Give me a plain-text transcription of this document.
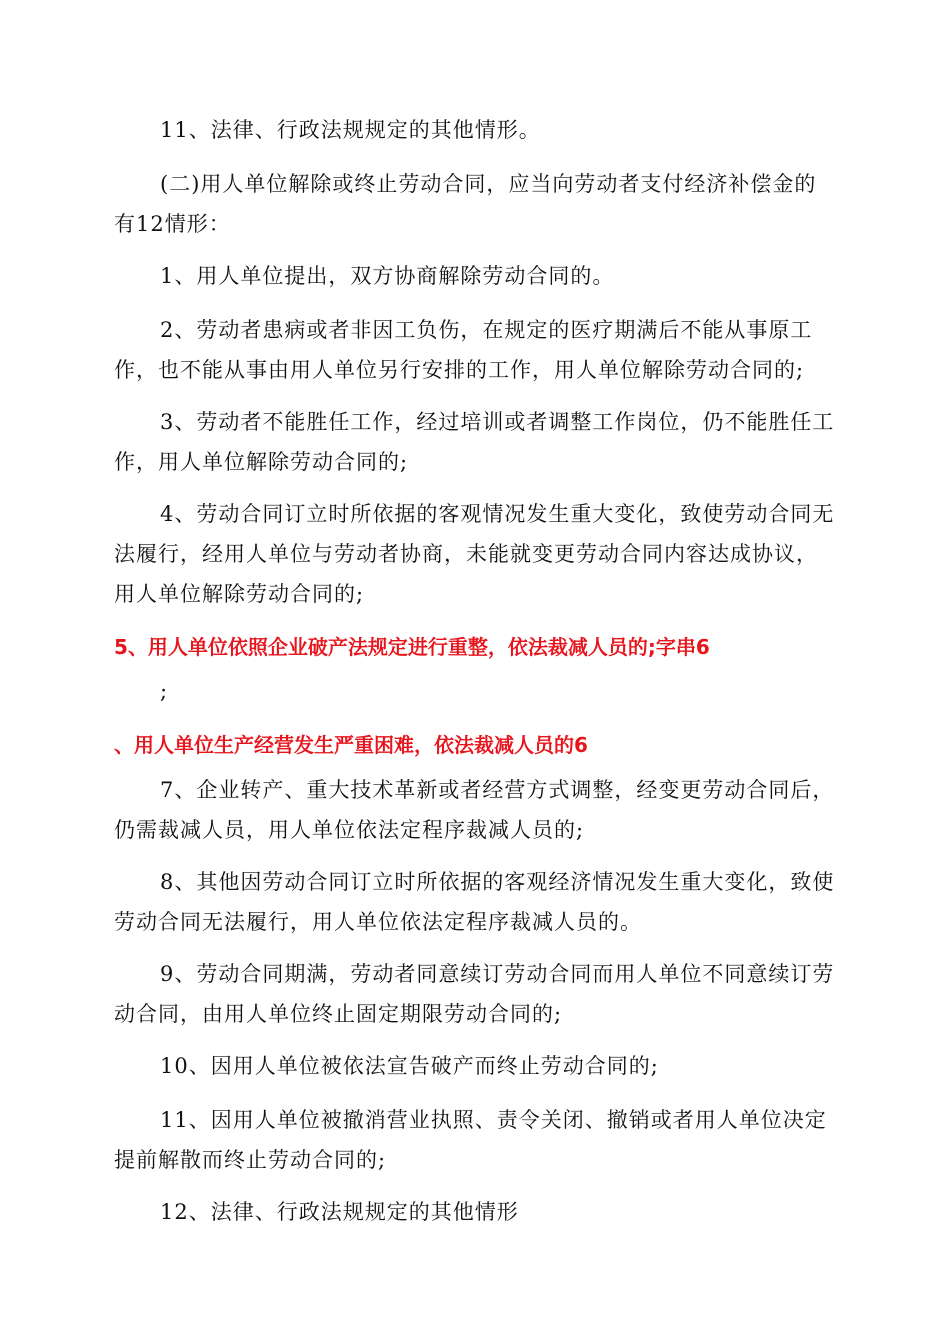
11、法律、行政法规规定的其他情形。

(二)用人单位解除或终止劳动合同，应当向劳动者支付经济补偿金的有12情形：

1、用人单位提出，双方协商解除劳动合同的。

2、劳动者患病或者非因工负伤，在规定的医疗期满后不能从事原工作，也不能从事由用人单位另行安排的工作，用人单位解除劳动合同的;

3、劳动者不能胜任工作，经过培训或者调整工作岗位，仍不能胜任工作，用人单位解除劳动合同的;

4、劳动合同订立时所依据的客观情况发生重大变化，致使劳动合同无法履行，经用人单位与劳动者协商，未能就变更劳动合同内容达成协议，用人单位解除劳动合同的;

5、用人单位依照企业破产法规定进行重整，依法裁减人员的;字串6

;

、用人单位生产经营发生严重困难，依法裁减人员的6

7、企业转产、重大技术革新或者经营方式调整，经变更劳动合同后，仍需裁减人员，用人单位依法定程序裁减人员的;

8、其他因劳动合同订立时所依据的客观经济情况发生重大变化，致使劳动合同无法履行，用人单位依法定程序裁减人员的。

9、劳动合同期满，劳动者同意续订劳动合同而用人单位不同意续订劳动合同，由用人单位终止固定期限劳动合同的;

10、因用人单位被依法宣告破产而终止劳动合同的;

11、因用人单位被撤消营业执照、责令关闭、撤销或者用人单位决定提前解散而终止劳动合同的;

12、法律、行政法规规定的其他情形
